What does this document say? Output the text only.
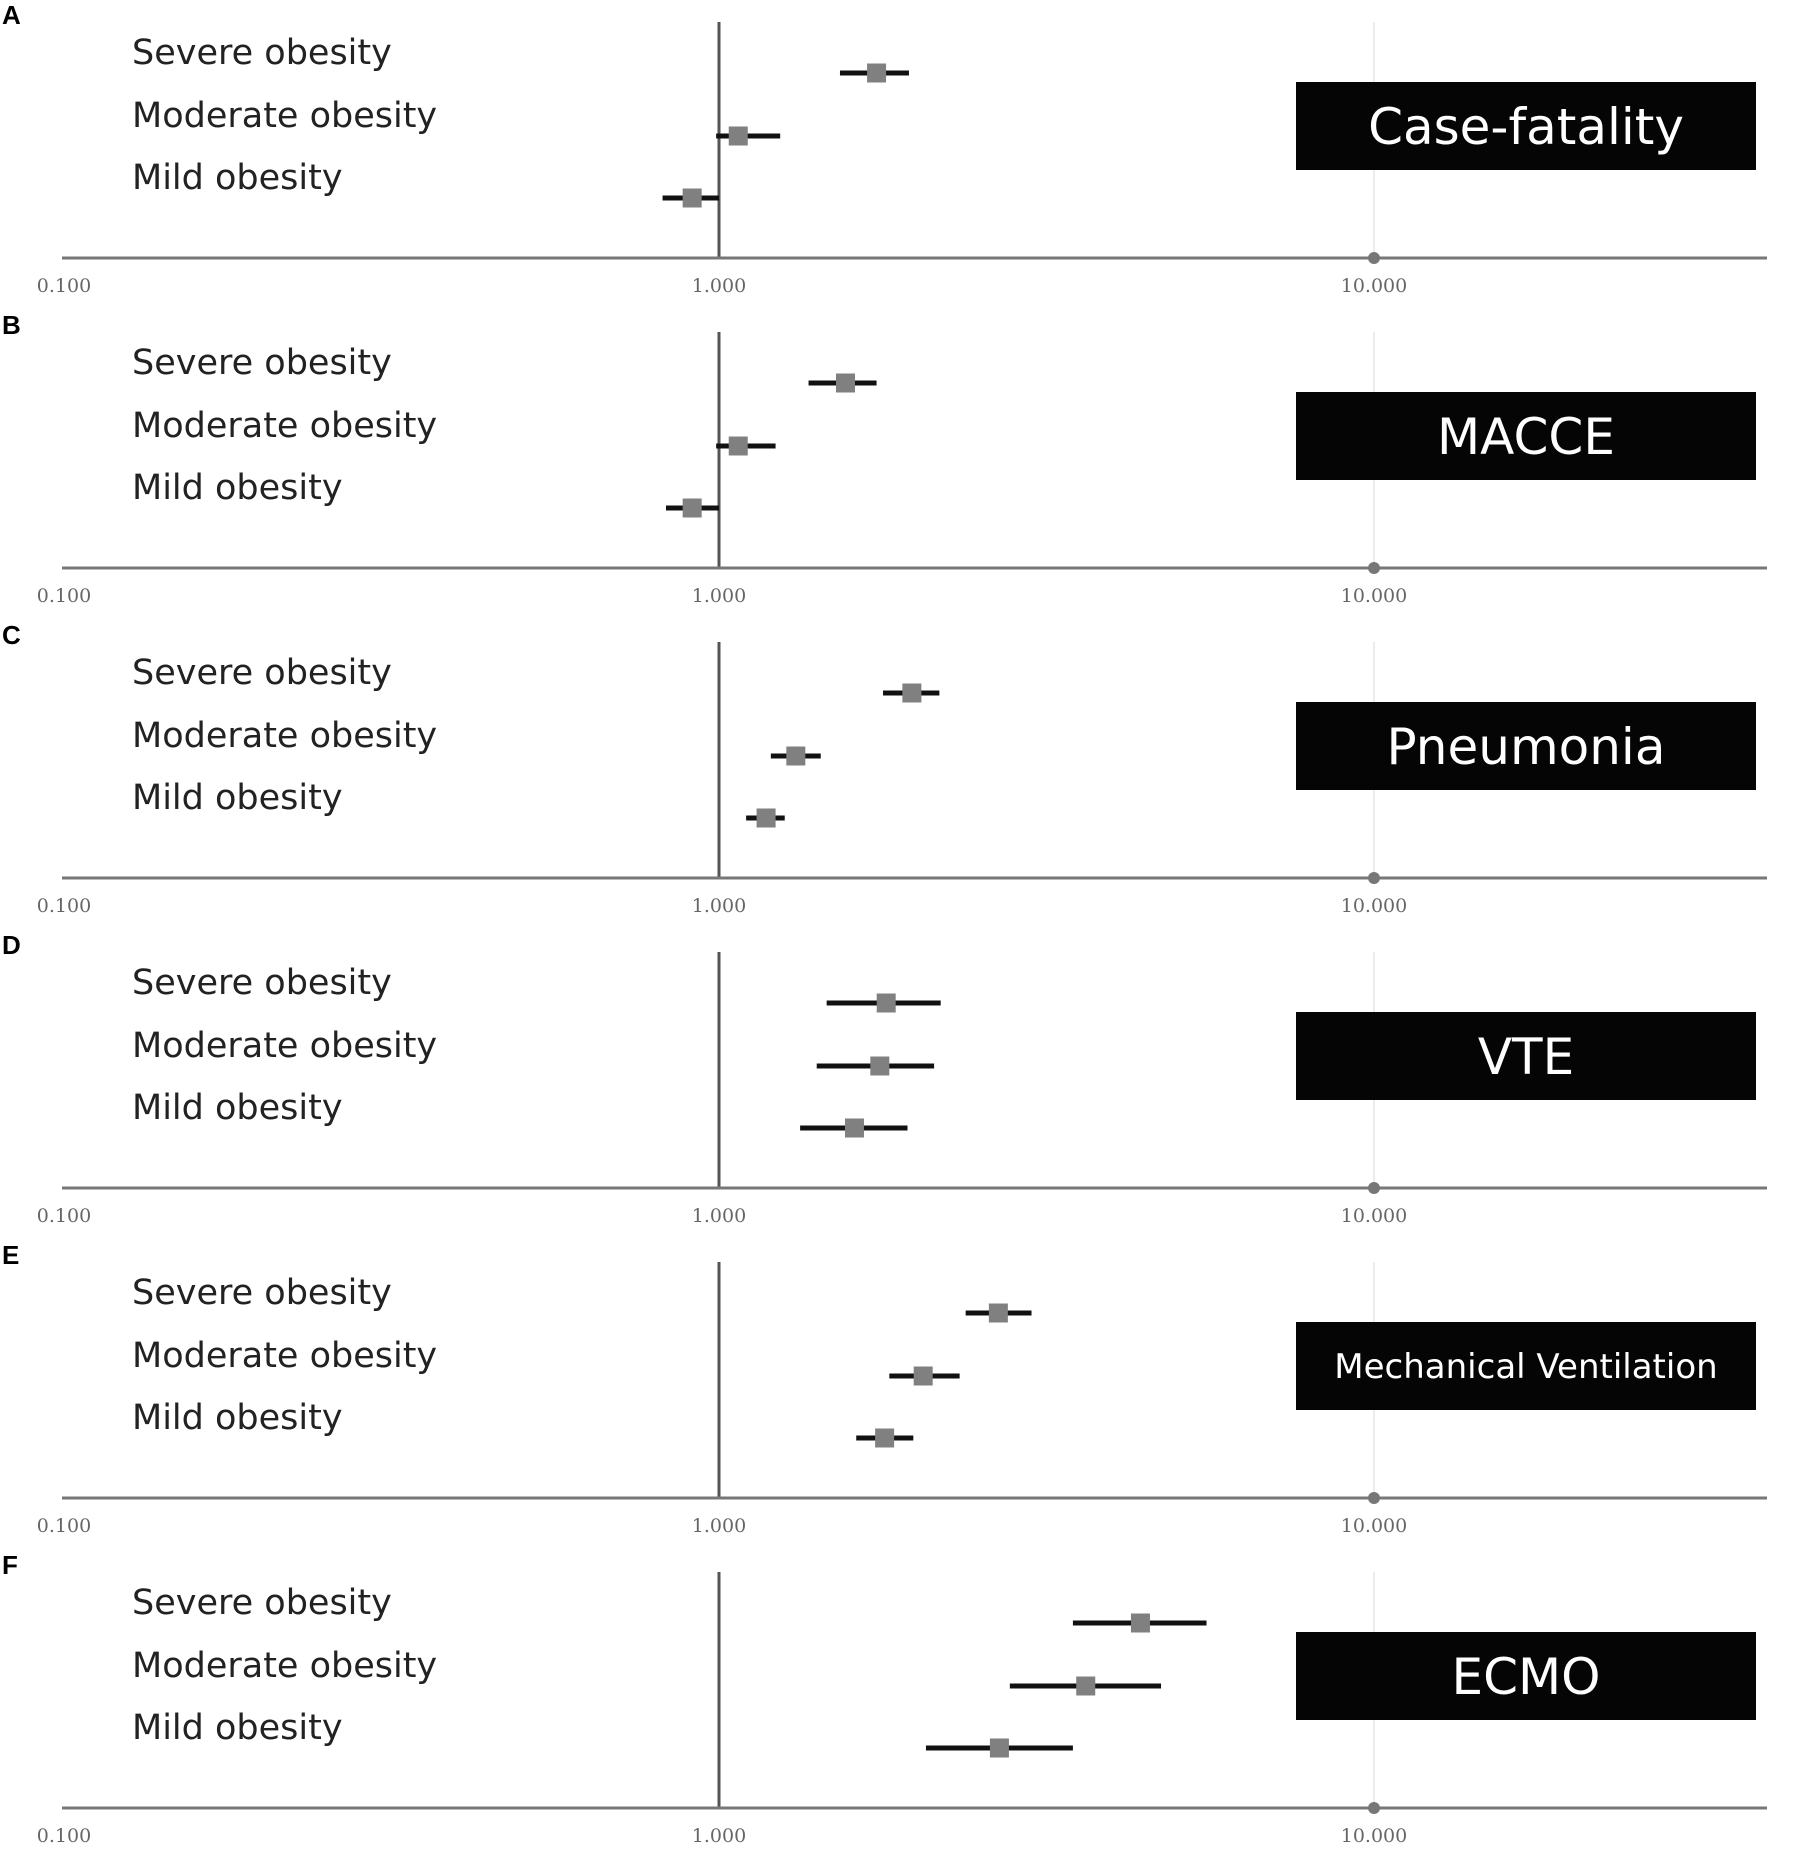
A
0.100	1.000	10.000
Severe obesity
Moderate obesity
Mild obesity
Case-fatality
B
0.100	1.000	10.000
Severe obesity
Moderate obesity
Mild obesity
MACCE
C
0.100	1.000	10.000
Severe obesity
Moderate obesity
Mild obesity
Pneumonia
D
0.100	1.000	10.000
Severe obesity
Moderate obesity
Mild obesity
VTE
E
0.100	1.000	10.000
Severe obesity
Moderate obesity
Mild obesity
Mechanical Ventilation
F
0.100	1.000	10.000
Severe obesity
Moderate obesity
Mild obesity
ECMO
